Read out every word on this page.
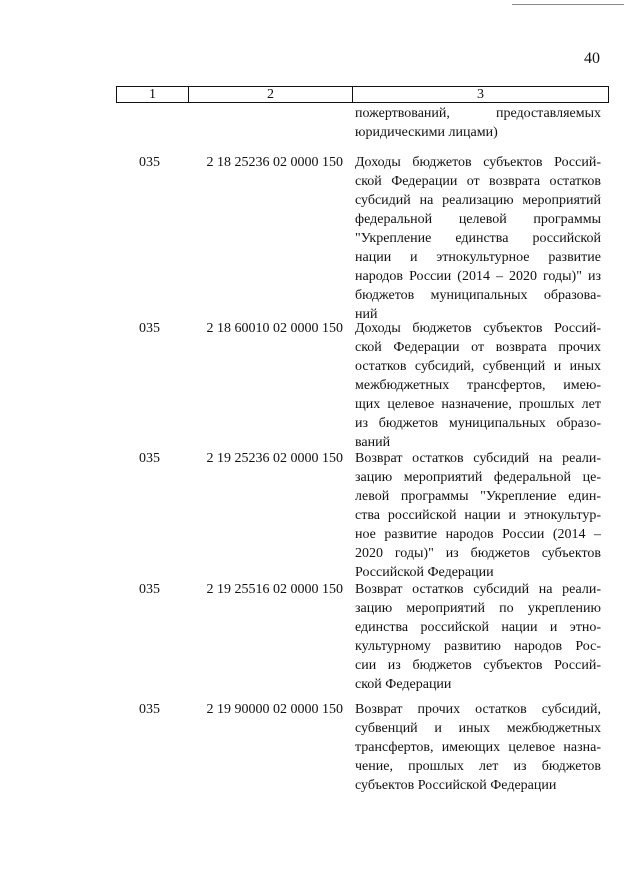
40
1	2	3
пожертвований, предоставляемых
юридическими лицами)
035	2 18 25236 02 0000 150 Доходы бюджетов субъектов Россий-
ской Федерации от возврата остатков
субсидий на реализацию мероприятий
федеральной целевой программы
"Укрепление единства российской
нации и этнокультурное развитие
народов России (2014 – 2020 годы)" из
бюджетов муниципальных образова-
ний
035	2 18 60010 02 0000 150 Доходы бюджетов субъектов Россий-
ской Федерации от возврата прочих
остатков субсидий, субвенций и иных
межбюджетных трансфертов, имею-
щих целевое назначение, прошлых лет
из бюджетов муниципальных образо-
ваний
035	2 19 25236 02 0000 150 Возврат остатков субсидий на реали-
зацию мероприятий федеральной це-
левой программы "Укрепление един-
ства российской нации и этнокультур-
ное развитие народов России (2014 –
2020 годы)" из бюджетов субъектов
Российской Федерации
035	2 19 25516 02 0000 150 Возврат остатков субсидий на реали-
зацию мероприятий по укреплению
единства российской нации и этно-
культурному развитию народов Рос-
сии из бюджетов субъектов Россий-
ской Федерации
035	2 19 90000 02 0000 150 Возврат прочих остатков субсидий,
субвенций и иных межбюджетных
трансфертов, имеющих целевое назна-
чение, прошлых лет из бюджетов
субъектов Российской Федерации
